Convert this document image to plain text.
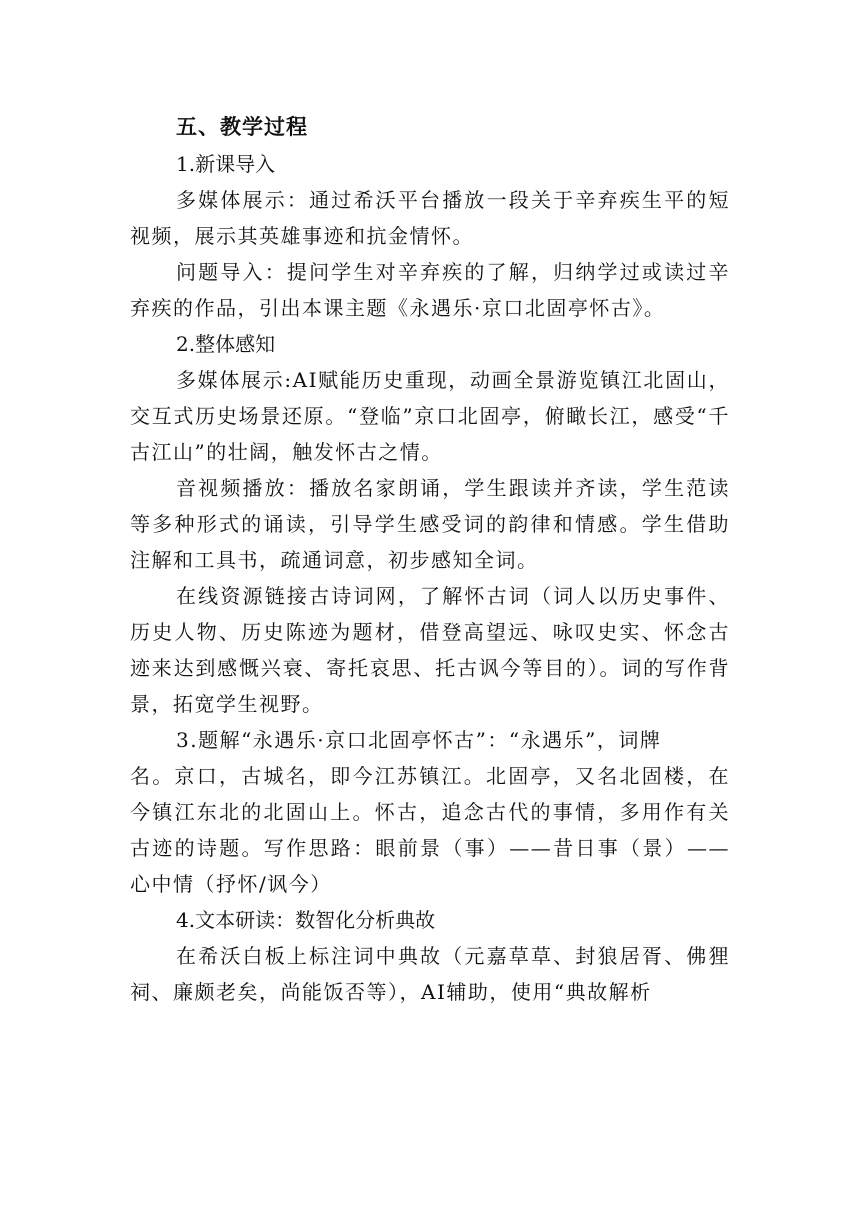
五、教学过程

1.新课导入

多媒体展示：通过希沃平台播放一段关于辛弃疾生平的短视频，展示其英雄事迹和抗金情怀。

问题导入：提问学生对辛弃疾的了解，归纳学过或读过辛弃疾的作品，引出本课主题《永遇乐·京口北固亭怀古》。

2.整体感知

多媒体展示:AI赋能历史重现，动画全景游览镇江北固山，交互式历史场景还原。“登临”京口北固亭，俯瞰长江，感受“千古江山”的壮阔，触发怀古之情。

音视频播放：播放名家朗诵，学生跟读并齐读，学生范读等多种形式的诵读，引导学生感受词的韵律和情感。学生借助注解和工具书，疏通词意，初步感知全词。

在线资源链接古诗词网，了解怀古词（词人以历史事件、历史人物、历史陈迹为题材，借登高望远、咏叹史实、怀念古迹来达到感慨兴衰、寄托哀思、托古讽今等目的）。词的写作背景，拓宽学生视野。

3.题解“永遇乐·京口北固亭怀古”：“永遇乐”，词牌

名。京口，古城名，即今江苏镇江。北固亭，又名北固楼，在今镇江东北的北固山上。怀古，追念古代的事情，多用作有关古迹的诗题。写作思路：眼前景（事）——昔日事（景）——心中情（抒怀/讽今）

4.文本研读：数智化分析典故

在希沃白板上标注词中典故（元嘉草草、封狼居胥、佛狸祠、廉颇老矣，尚能饭否等），AI辅助，使用“典故解析
